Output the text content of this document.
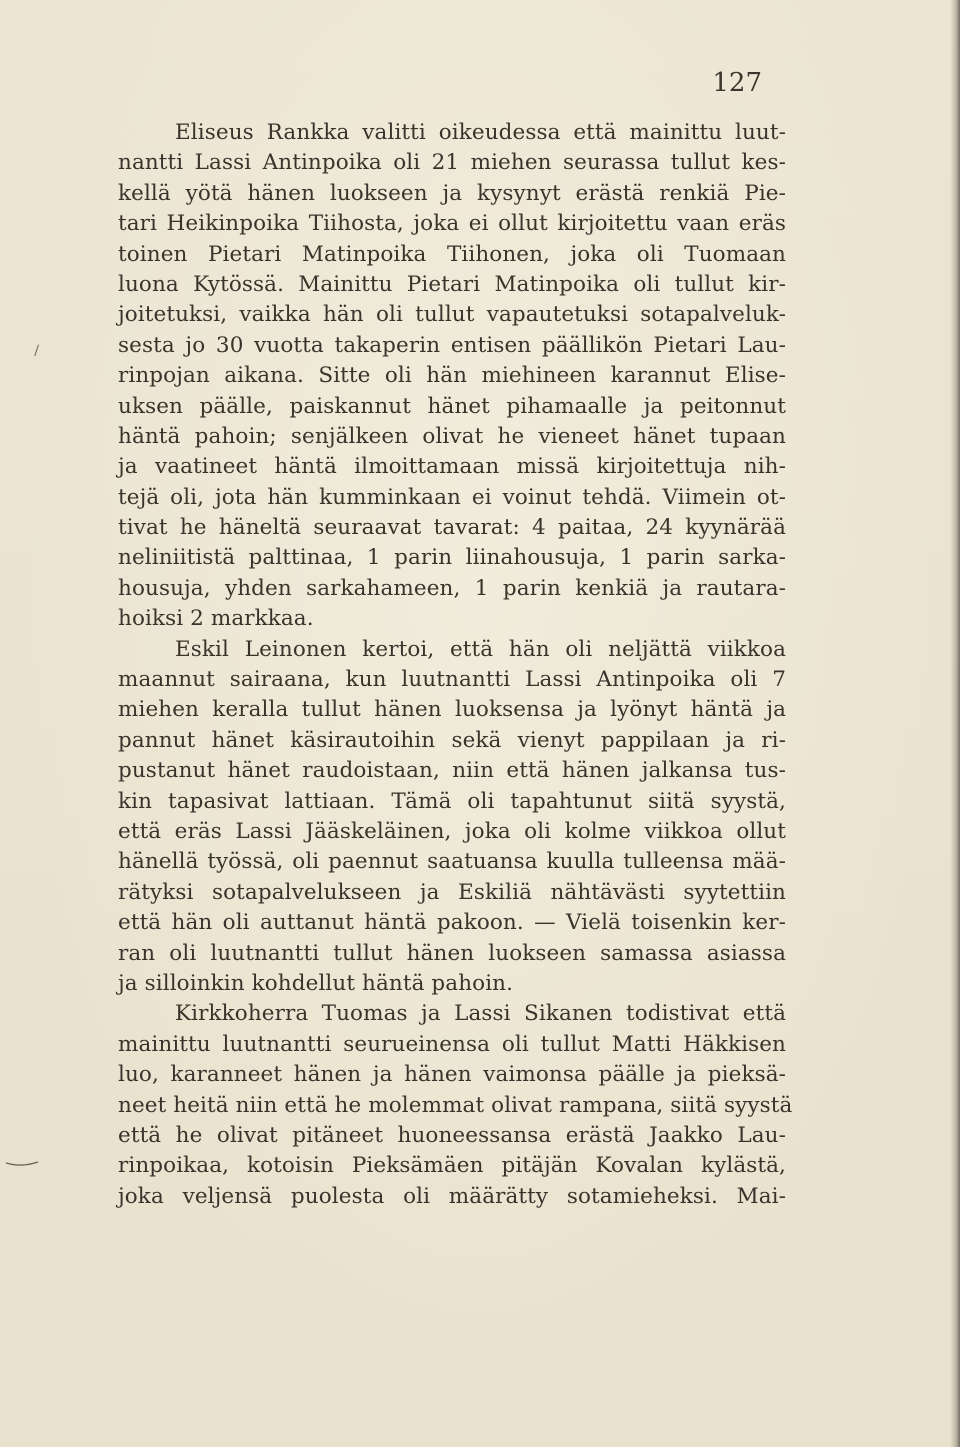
127
Eliseus Rankka valitti oikeudessa että mainittu luut-
nantti Lassi Antinpoika oli 21 miehen seurassa tullut kes-
kellä yötä hänen luokseen ja kysynyt erästä renkiä Pie-
tari Heikinpoika Tiihosta, joka ei ollut kirjoitettu vaan eräs
toinen Pietari Matinpoika Tiihonen, joka oli Tuomaan
luona Kytössä. Mainittu Pietari Matinpoika oli tullut kir-
joitetuksi, vaikka hän oli tullut vapautetuksi sotapalveluk-
sesta jo 30 vuotta takaperin entisen päällikön Pietari Lau-
rinpojan aikana. Sitte oli hän miehineen karannut Elise-
uksen päälle, paiskannut hänet pihamaalle ja peitonnut
häntä pahoin; senjälkeen olivat he vieneet hänet tupaan
ja vaatineet häntä ilmoittamaan missä kirjoitettuja nih-
tejä oli, jota hän kumminkaan ei voinut tehdä. Viimein ot-
tivat he häneltä seuraavat tavarat: 4 paitaa, 24 kyynärää
neliniitistä palttinaa, 1 parin liinahousuja, 1 parin sarka-
housuja, yhden sarkahameen, 1 parin kenkiä ja rautara-
hoiksi 2 markkaa.
Eskil Leinonen kertoi, että hän oli neljättä viikkoa
maannut sairaana, kun luutnantti Lassi Antinpoika oli 7
miehen keralla tullut hänen luoksensa ja lyönyt häntä ja
pannut hänet käsirautoihin sekä vienyt pappilaan ja ri-
pustanut hänet raudoistaan, niin että hänen jalkansa tus-
kin tapasivat lattiaan. Tämä oli tapahtunut siitä syystä,
että eräs Lassi Jääskeläinen, joka oli kolme viikkoa ollut
hänellä työssä, oli paennut saatuansa kuulla tulleensa mää-
rätyksi sotapalvelukseen ja Eskiliä nähtävästi syytettiin
että hän oli auttanut häntä pakoon. — Vielä toisenkin ker-
ran oli luutnantti tullut hänen luokseen samassa asiassa
ja silloinkin kohdellut häntä pahoin.
Kirkkoherra Tuomas ja Lassi Sikanen todistivat että
mainittu luutnantti seurueinensa oli tullut Matti Häkkisen
luo, karanneet hänen ja hänen vaimonsa päälle ja pieksä-
neet heitä niin että he molemmat olivat rampana, siitä syystä
että he olivat pitäneet huoneessansa erästä Jaakko Lau-
rinpoikaa, kotoisin Pieksämäen pitäjän Kovalan kylästä,
joka veljensä puolesta oli määrätty sotamieheksi. Mai-
